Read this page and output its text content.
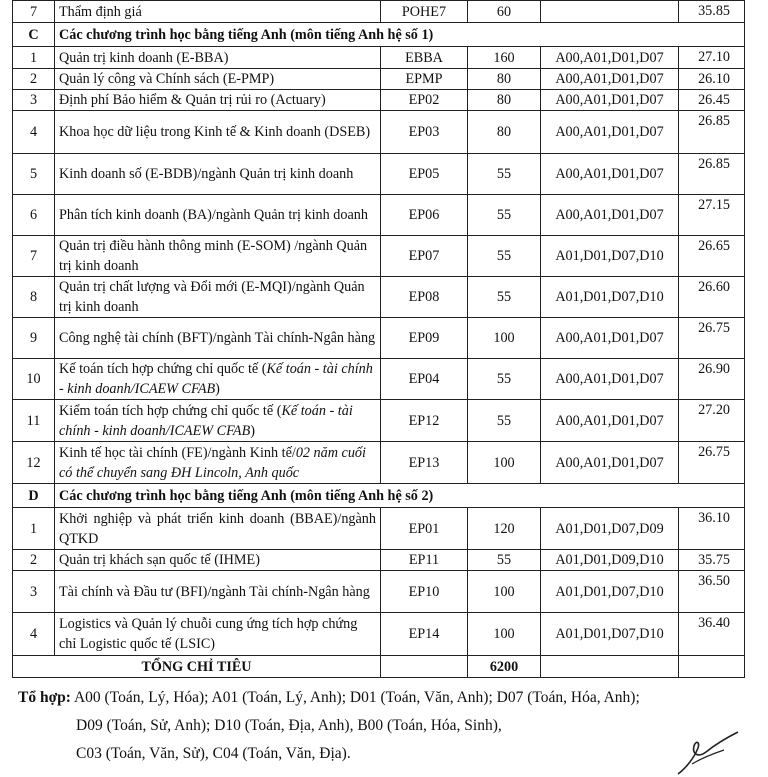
7	Thẩm định giá	POHE7	60		35.85
C	Các chương trình học bằng tiếng Anh (môn tiếng Anh hệ số 1)				
1	Quản trị kinh doanh (E-BBA)	EBBA	160	A00,A01,D01,D07	27.10
2	Quản lý công và Chính sách (E-PMP)	EPMP	80	A00,A01,D01,D07	26.10
3	Định phí Bảo hiểm & Quản trị rủi ro (Actuary)	EP02	80	A00,A01,D01,D07	26.45
4	Khoa học dữ liệu trong Kinh tế & Kinh doanh (DSEB)	EP03	80	A00,A01,D01,D07	26.85
5	Kinh doanh số (E-BDB)/ngành Quản trị kinh doanh	EP05	55	A00,A01,D01,D07	26.85
6	Phân tích kinh doanh (BA)/ngành Quản trị kinh doanh	EP06	55	A00,A01,D01,D07	27.15
7	Quản trị điều hành thông minh (E-SOM) /ngành Quản trị kinh doanh	EP07	55	A01,D01,D07,D10	26.65
8	Quản trị chất lượng và Đổi mới (E-MQI)/ngành Quản trị kinh doanh	EP08	55	A01,D01,D07,D10	26.60
9	Công nghệ tài chính (BFT)/ngành Tài chính-Ngân hàng	EP09	100	A00,A01,D01,D07	26.75
10	Kế toán tích hợp chứng chỉ quốc tế (Kế toán - tài chính - kinh doanh/ICAEW CFAB)	EP04	55	A00,A01,D01,D07	26.90
11	Kiểm toán tích hợp chứng chỉ quốc tế (Kế toán - tài chính - kinh doanh/ICAEW CFAB)	EP12	55	A00,A01,D01,D07	27.20
12	Kinh tế học tài chính (FE)/ngành Kinh tế/02 năm cuối có thể chuyển sang ĐH Lincoln, Anh quốc	EP13	100	A00,A01,D01,D07	26.75
D	Các chương trình học bằng tiếng Anh (môn tiếng Anh hệ số 2)				
1	Khởi nghiệp và phát triển kinh doanh (BBAE)/ngành QTKD	EP01	120	A01,D01,D07,D09	36.10
2	Quản trị khách sạn quốc tế (IHME)	EP11	55	A01,D01,D09,D10	35.75
3	Tài chính và Đầu tư (BFI)/ngành Tài chính-Ngân hàng	EP10	100	A01,D01,D07,D10	36.50
4	Logistics và Quản lý chuỗi cung ứng tích hợp chứng chỉ Logistic quốc tế (LSIC)	EP14	100	A01,D01,D07,D10	36.40
TỔNG CHỈ TIÊU			6200		
Tổ hợp: A00 (Toán, Lý, Hóa); A01 (Toán, Lý, Anh); D01 (Toán, Văn, Anh); D07 (Toán, Hóa, Anh);
D09 (Toán, Sử, Anh); D10 (Toán, Địa, Anh), B00 (Toán, Hóa, Sinh),
C03 (Toán, Văn, Sử), C04 (Toán, Văn, Địa).
